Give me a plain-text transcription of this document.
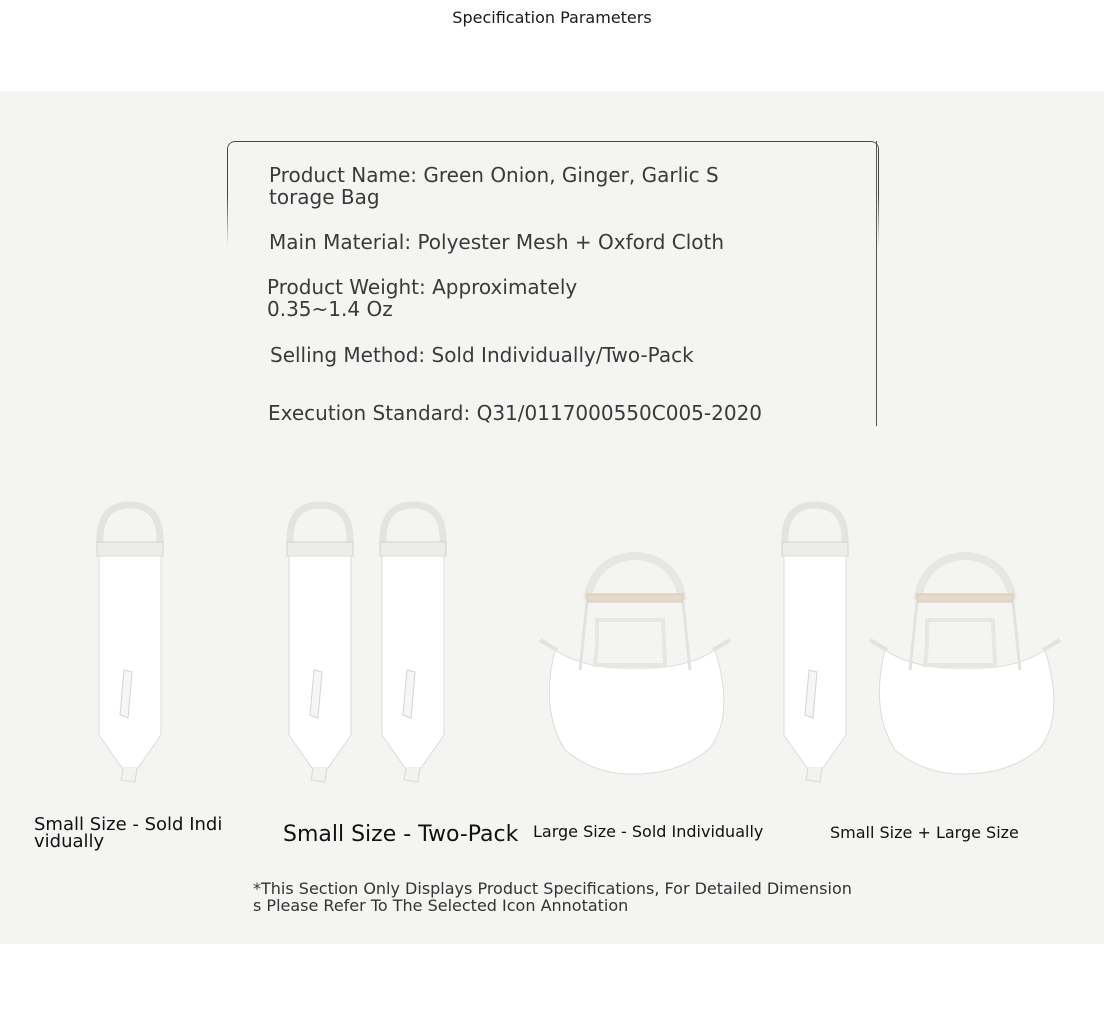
Specification Parameters
Product Name: Green Onion, Ginger, Garlic S
torage Bag
Main Material: Polyester Mesh + Oxford Cloth
Product Weight: Approximately
0.35~1.4 Oz
Selling Method: Sold Individually/Two-Pack
Execution Standard: Q31/0117000550C005-2020
Small Size - Sold Indi
vidually	Small Size - Two-Pack Large Size - Sold Individually	Small Size + Large Size
*This Section Only Displays Product Specifications, For Detailed Dimension
s Please Refer To The Selected Icon Annotation
